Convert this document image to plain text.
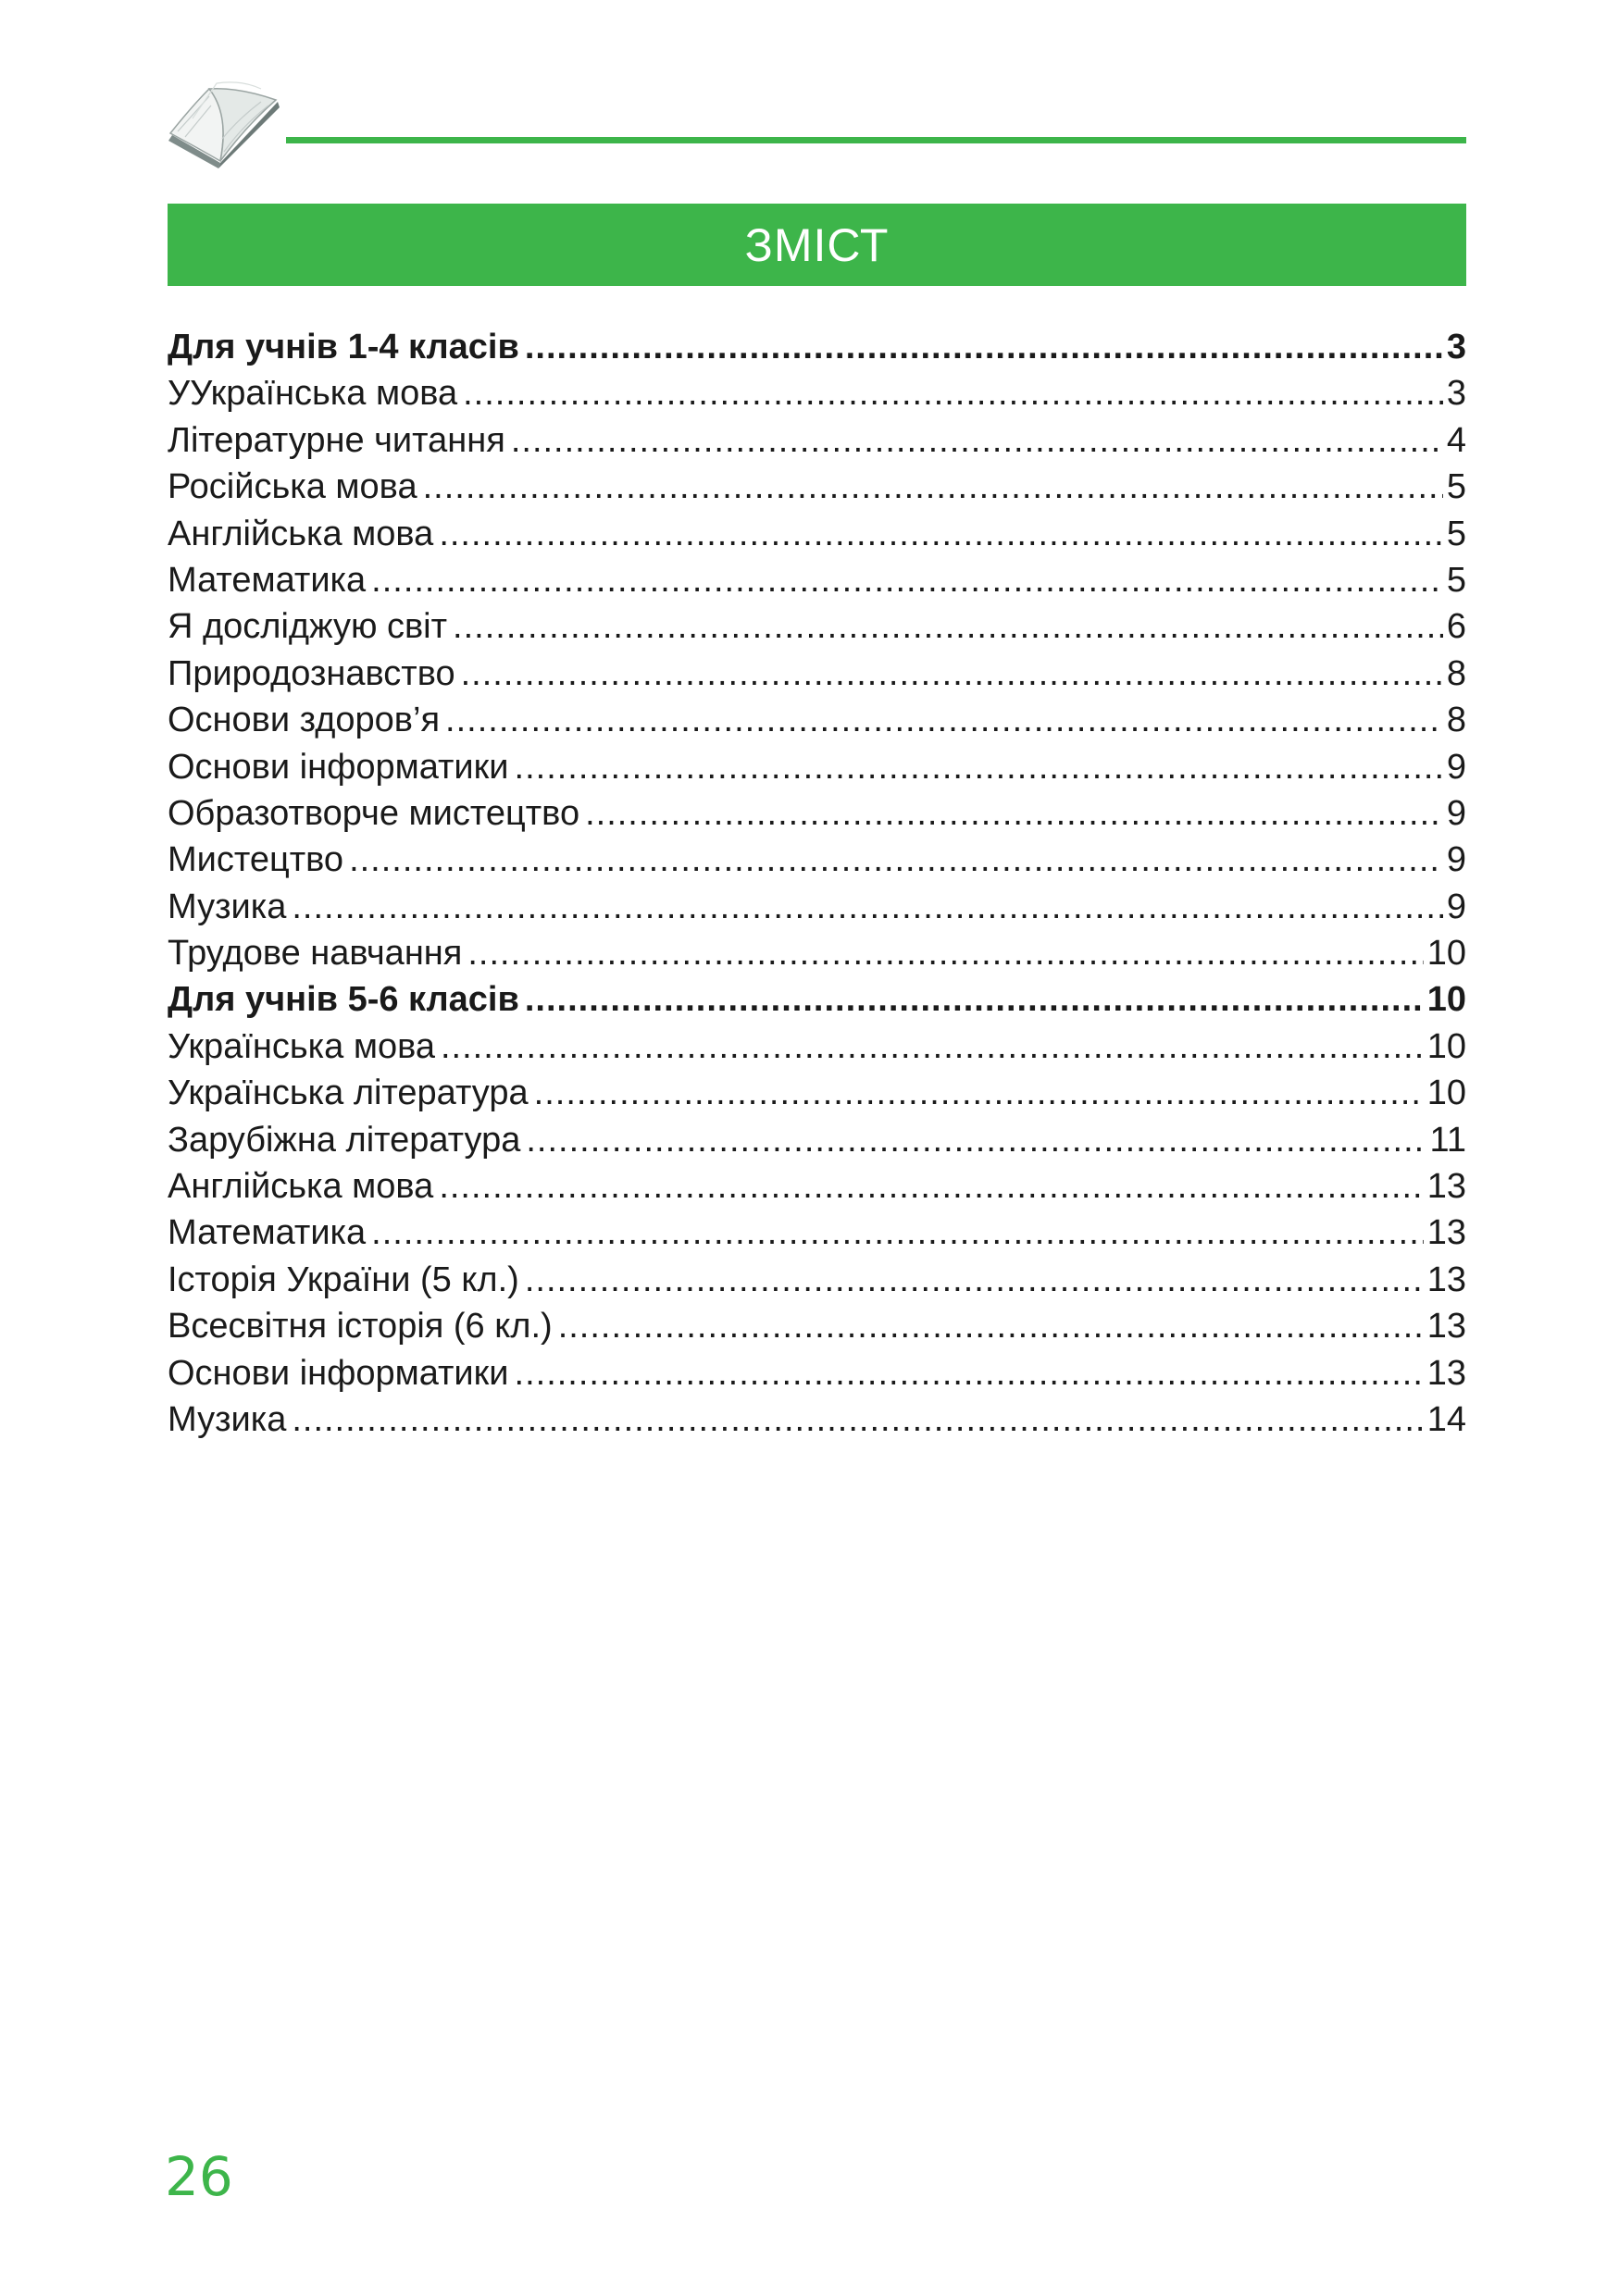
ЗМІСТ
Для учнів 1-4 класів .....	3
УУкраїнська мова .....	3
Літературне читання .....	4
Російська мова .....	5
Англійська мова .....	5
Математика .....	5
Я досліджую світ .....	6
Природознавство .....	8
Основи здоров’я .....	8
Основи інформатики .....	9
Образотворче мистецтво .....	9
Мистецтво .....	9
Музика .....	9
Трудове навчання .....	10
Для учнів 5-6 класів .....	10
Українська мова .....	10
Українська література .....	10
Зарубіжна література .....	11
Англійська мова .....	13
Математика .....	13
Історія України (5 кл.) .....	13
Всесвітня історія (6 кл.) .....	13
Основи інформатики .....	13
Музика .....	14
26
